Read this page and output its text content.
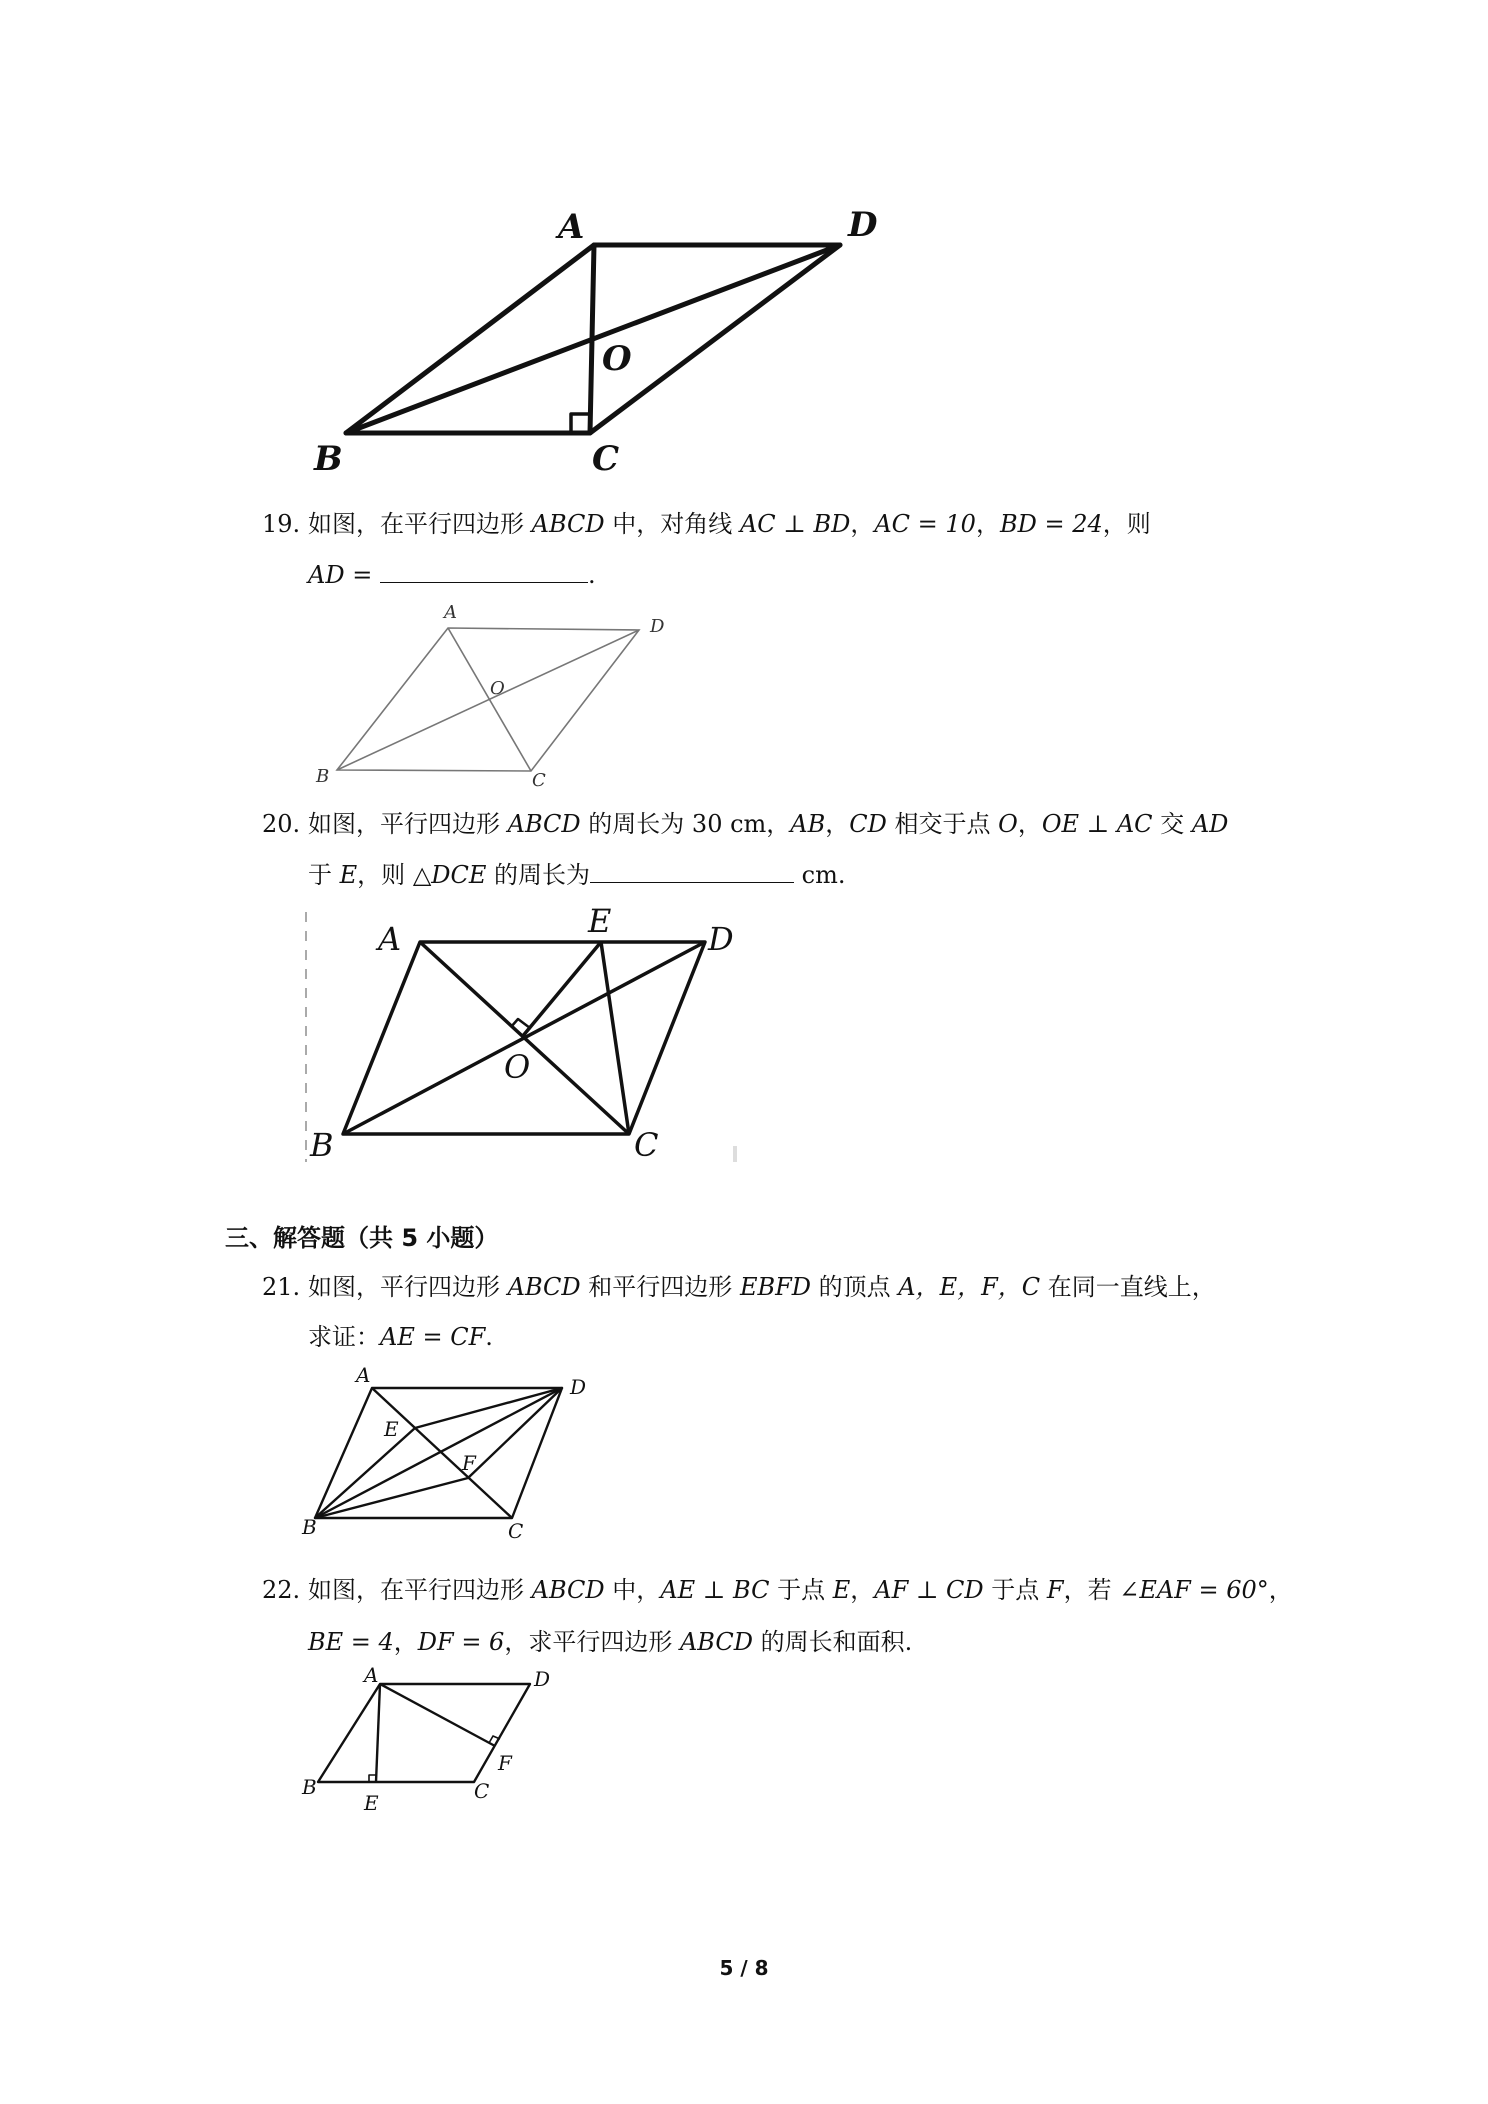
A	D
O
B	C
19. 如图，在平行四边形 ABCD 中，对角线 AC ⊥ BD，AC = 10，BD = 24，则
AD =	.
A
D
O
B	C
20. 如图，平行四边形 ABCD 的周长为 30 cm，AB，CD 相交于点 O，OE ⊥ AC 交 AD
于 E，则 △DCE 的周长为	cm.
A	E	D
O
B	C
三、解答题（共 5 小题）
21. 如图，平行四边形 ABCD 和平行四边形 EBFD 的顶点 A，E，F，C 在同一直线上，
求证：AE = CF.
A	D
E
F
B	C
22. 如图，在平行四边形 ABCD 中，AE ⊥ BC 于点 E，AF ⊥ CD 于点 F，若 ∠EAF = 60°，
BE = 4，DF = 6，求平行四边形 ABCD 的周长和面积.
A	D
F
B	C
E
5 / 8
